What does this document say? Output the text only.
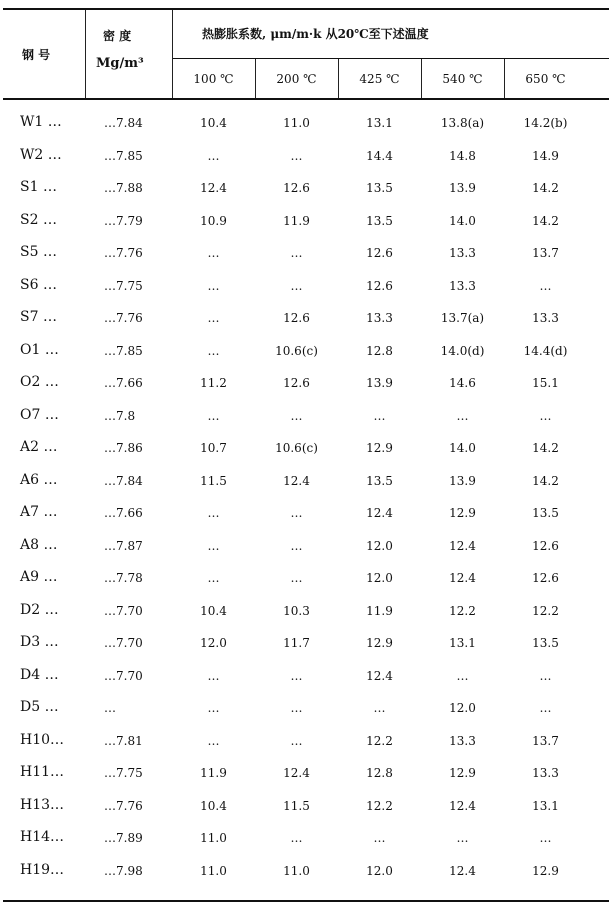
钢 号
密 度
Mg/m³
热膨胀系数, μm/m·k 从20℃至下述温度
100 ℃	200 ℃	425 ℃	540 ℃	650 ℃
W1 …	…7.84	10.4	11.0	13.1	13.8(a)	14.2(b)
W2 …	…7.85	…	…	14.4	14.8	14.9
S1 …	…7.88	12.4	12.6	13.5	13.9	14.2
S2 …	…7.79	10.9	11.9	13.5	14.0	14.2
S5 …	…7.76	…	…	12.6	13.3	13.7
S6 …	…7.75	…	…	12.6	13.3	…
S7 …	…7.76	…	12.6	13.3	13.7(a)	13.3
O1 …	…7.85	…	10.6(c)	12.8	14.0(d)	14.4(d)
O2 …	…7.66	11.2	12.6	13.9	14.6	15.1
O7 …	…7.8	…	…	…	…	…
A2 …	…7.86	10.7	10.6(c)	12.9	14.0	14.2
A6 …	…7.84	11.5	12.4	13.5	13.9	14.2
A7 …	…7.66	…	…	12.4	12.9	13.5
A8 …	…7.87	…	…	12.0	12.4	12.6
A9 …	…7.78	…	…	12.0	12.4	12.6
D2 …	…7.70	10.4	10.3	11.9	12.2	12.2
D3 …	…7.70	12.0	11.7	12.9	13.1	13.5
D4 …	…7.70	…	…	12.4	…	…
D5 …	…	…	…	…	12.0	…
H10…	…7.81	…	…	12.2	13.3	13.7
H11…	…7.75	11.9	12.4	12.8	12.9	13.3
H13…	…7.76	10.4	11.5	12.2	12.4	13.1
H14…	…7.89	11.0	…	…	…	…
H19…	…7.98	11.0	11.0	12.0	12.4	12.9
